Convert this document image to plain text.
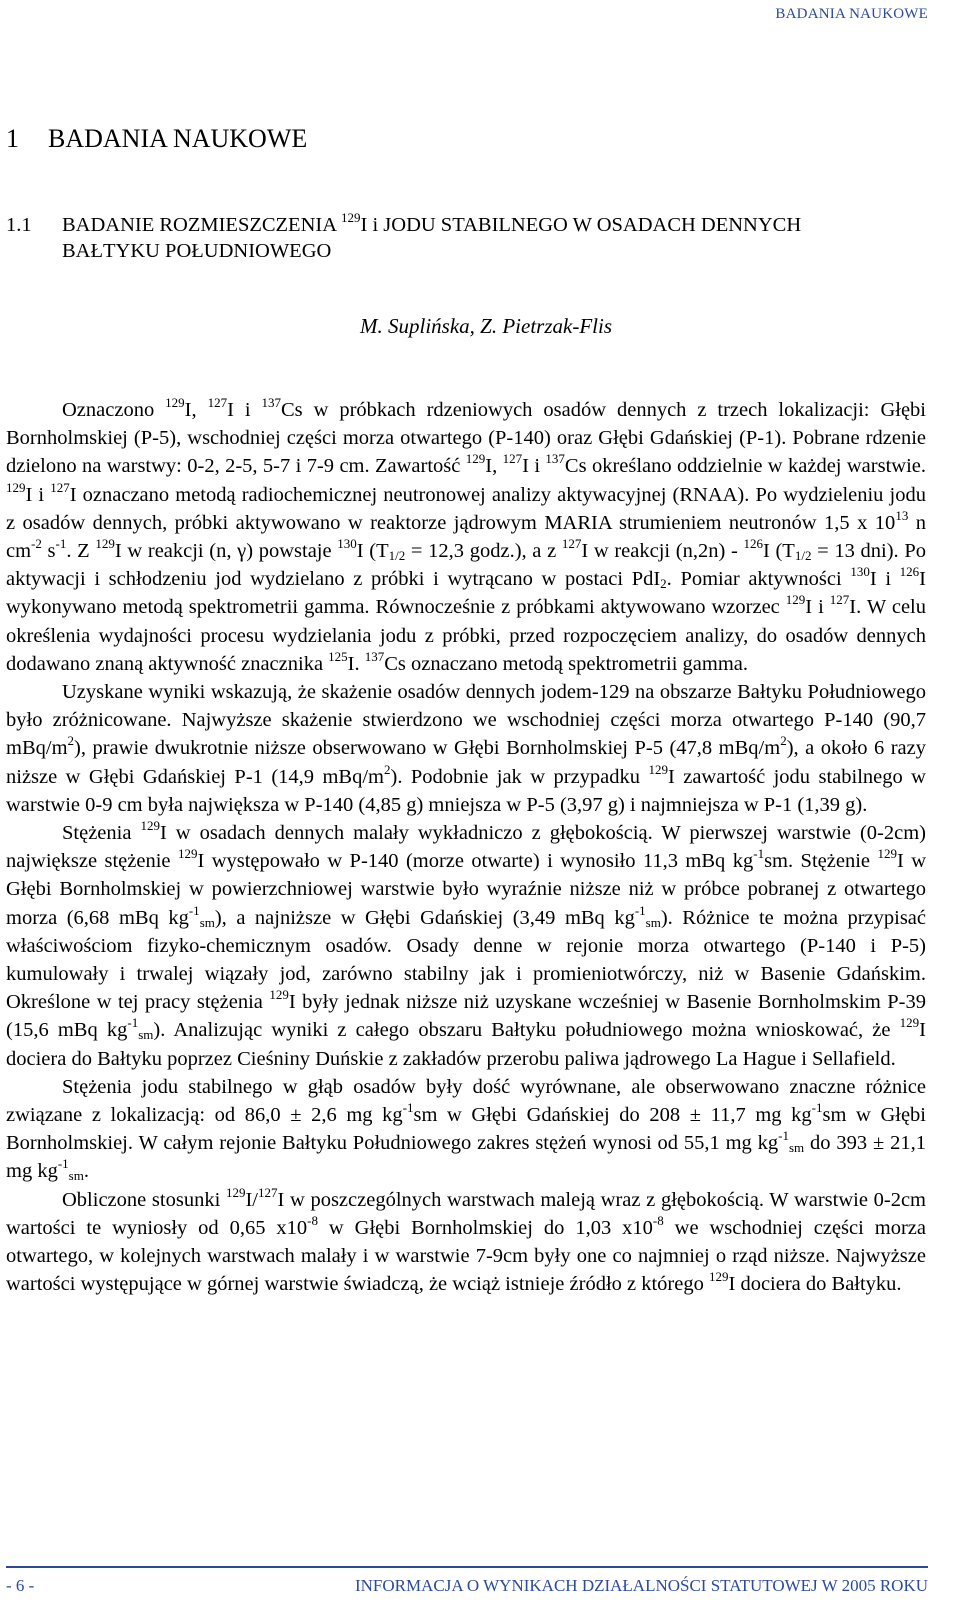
BADANIA NAUKOWE
1 BADANIA NAUKOWE
1.1 BADANIE ROZMIESZCZENIA $^{129}$I i JODU STABILNEGO W OSADACH DENNYCH
BAŁTYKU POŁUDNIOWEGO
M. Suplińska, Z. Pietrzak-Flis

Oznaczono $^{129}$I, $^{127}$I i $^{137}$Cs w próbkach rdzeniowych osadów dennych z trzech lokalizacji: Głębi Bornholmskiej (P-5), wschodniej części morza otwartego (P-140) oraz Głębi Gdańskiej (P-1). Pobrane rdzenie dzielono na warstwy: 0-2, 2-5, 5-7 i 7-9 cm. Zawartość $^{129}$I, $^{127}$I i $^{137}$Cs określano oddzielnie w każdej warstwie. $^{129}$I i $^{127}$I oznaczano metodą radiochemicznej neutronowej analizy aktywacyjnej (RNAA). Po wydzieleniu jodu z osadów dennych, próbki aktywowano w reaktorze jądrowym MARIA strumieniem neutronów 1,5 x $10^{13}$ n $cm^{-2}$ $s^{-1}$. Z $^{129}$I w reakcji (n, γ) powstaje $^{130}$I ($T_{1/2} = 12,3$ godz.), a z $^{127}$I w reakcji (n,2n) - $^{126}$I ($T_{1/2} = 13$ dni). Po aktywacji i schłodzeniu jod wydzielano z próbki i wytrącano w postaci PdI$_2$. Pomiar aktywności $^{130}$I i $^{126}$I wykonywano metodą spektrometrii gamma. Równocześnie z próbkami aktywowano wzorzec $^{129}$I i $^{127}$I. W celu określenia wydajności procesu wydzielania jodu z próbki, przed rozpoczęciem analizy, do osadów dennych dodawano znaną aktywność znacznika $^{125}$I. $^{137}$Cs oznaczano metodą spektrometrii gamma.

Uzyskane wyniki wskazują, że skażenie osadów dennych jodem-129 na obszarze Bałtyku Południowego było zróżnicowane. Najwyższe skażenie stwierdzono we wschodniej części morza otwartego P-140 (90,7 mBq/$m^2$), prawie dwukrotnie niższe obserwowano w Głębi Bornholmskiej P-5 (47,8 mBq/$m^2$), a około 6 razy niższe w Głębi Gdańskiej P-1 (14,9 mBq/$m^2$). Podobnie jak w przypadku $^{129}$I zawartość jodu stabilnego w warstwie 0-9 cm była największa w P-140 (4,85 g) mniejsza w P-5 (3,97 g) i najmniejsza w P-1 (1,39 g).

Stężenia $^{129}$I w osadach dennych malały wykładniczo z głębokością. W pierwszej warstwie (0-2cm) największe stężenie $^{129}$I występowało w P-140 (morze otwarte) i wynosiło 11,3 mBq $kg^{-1}sm$. Stężenie $^{129}$I w Głębi Bornholmskiej w powierzchniowej warstwie było wyraźnie niższe niż w próbce pobranej z otwartego morza (6,68 mBq $kg^{-1}_{sm}$), a najniższe w Głębi Gdańskiej (3,49 mBq $kg^{-1}_{sm}$). Różnice te można przypisać właściwościom fizyko-chemicznym osadów. Osady denne w rejonie morza otwartego (P-140 i P-5) kumulowały i trwalej wiązały jod, zarówno stabilny jak i promieniotwórczy, niż w Basenie Gdańskim. Określone w tej pracy stężenia $^{129}$I były jednak niższe niż uzyskane wcześniej w Basenie Bornholmskim P-39 (15,6 mBq $kg^{-1}_{sm}$). Analizując wyniki z całego obszaru Bałtyku południowego można wnioskować, że $^{129}$I dociera do Bałtyku poprzez Cieśniny Duńskie z zakładów przerobu paliwa jądrowego La Hague i Sellafield.

Stężenia jodu stabilnego w głąb osadów były dość wyrównane, ale obserwowano znaczne różnice związane z lokalizacją: od 86,0 ± 2,6 mg $kg^{-1}sm$ w Głębi Gdańskiej do 208 ± 11,7 mg $kg^{-1}sm$ w Głębi Bornholmskiej. W całym rejonie Bałtyku Południowego zakres stężeń wynosi od 55,1 mg $kg^{-1}_{sm}$ do 393 ± 21,1 mg $kg^{-1}_{sm}$.

Obliczone stosunki $^{129}$I/$^{127}$I w poszczególnych warstwach maleją wraz z głębokością. W warstwie 0-2cm wartości te wyniosły od 0,65 $x10^{-8}$ w Głębi Bornholmskiej do 1,03 $x10^{-8}$ we wschodniej części morza otwartego, w kolejnych warstwach malały i w warstwie 7-9cm były one co najmniej o rząd niższe. Najwyższe wartości występujące w górnej warstwie świadczą, że wciąż istnieje źródło z którego $^{129}$I dociera do Bałtyku.

- 6 -	INFORMACJA O WYNIKACH DZIAŁALNOŚCI STATUTOWEJ W 2005 ROKU
